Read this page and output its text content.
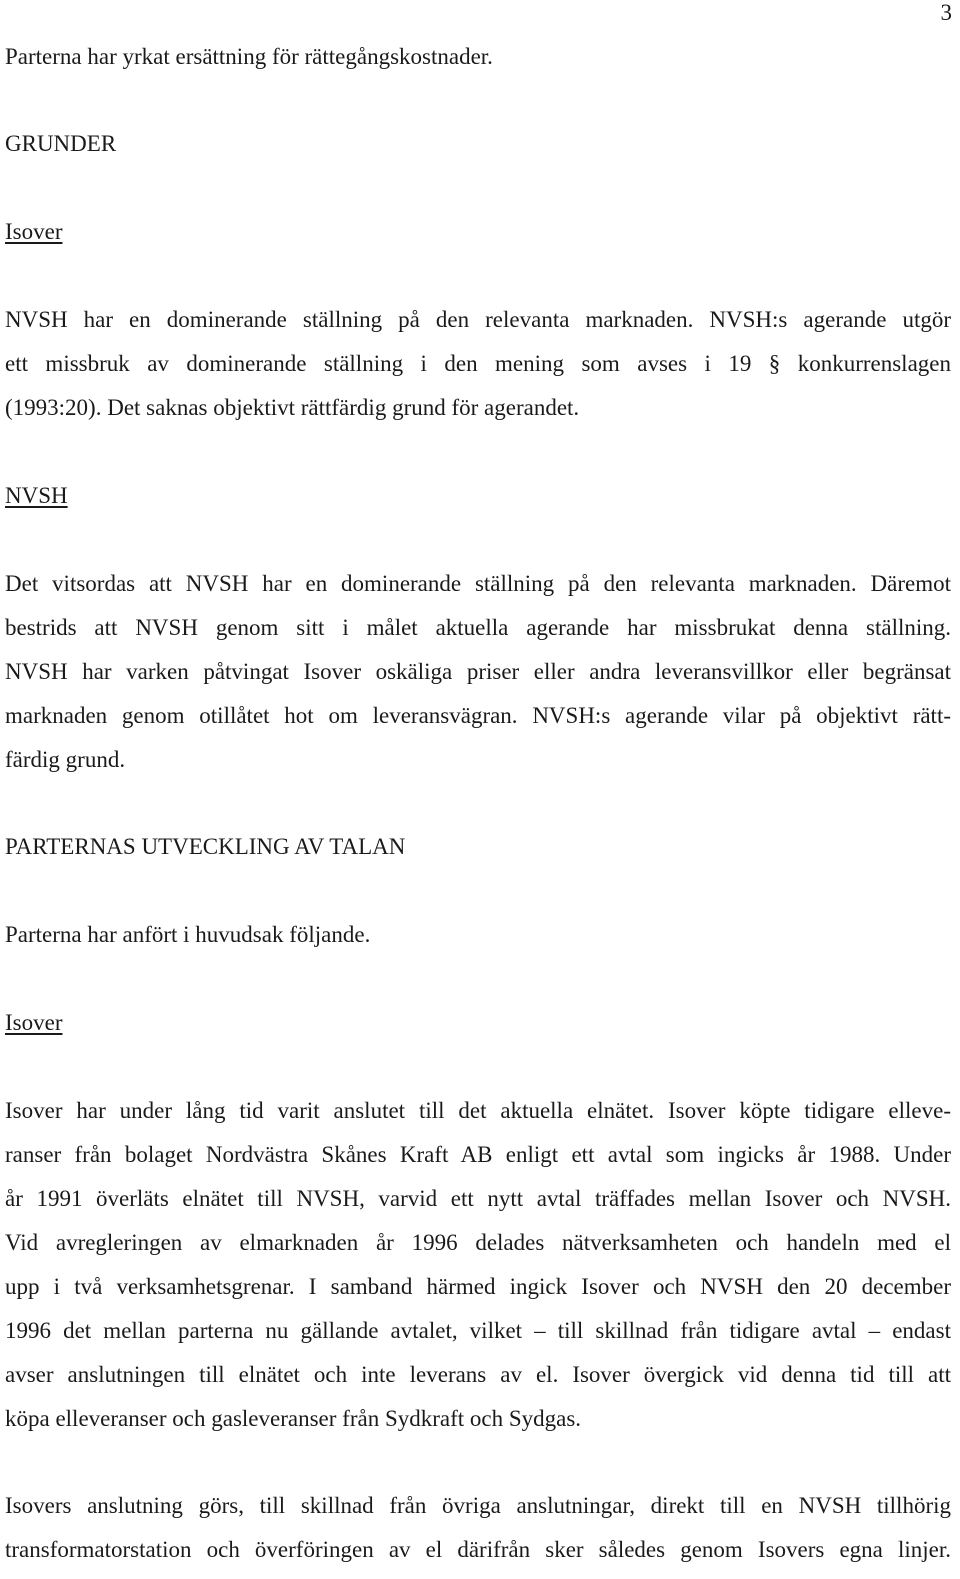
3

Parterna har yrkat ersättning för rättegångskostnader.

GRUNDER
Isover
NVSH har en dominerande ställning på den relevanta marknaden. NVSH:s agerande utgör
ett missbruk av dominerande ställning i den mening som avses i 19 § konkurrenslagen
(1993:20). Det saknas objektivt rättfärdig grund för agerandet.
NVSH
Det vitsordas att NVSH har en dominerande ställning på den relevanta marknaden. Däremot
bestrids att NVSH genom sitt i målet aktuella agerande har missbrukat denna ställning.
NVSH har varken påtvingat Isover oskäliga priser eller andra leveransvillkor eller begränsat
marknaden genom otillåtet hot om leveransvägran. NVSH:s agerande vilar på objektivt rätt-
färdig grund.
PARTERNAS UTVECKLING AV TALAN

Parterna har anfört i huvudsak följande.

Isover
Isover har under lång tid varit anslutet till det aktuella elnätet. Isover köpte tidigare elleve-
ranser från bolaget Nordvästra Skånes Kraft AB enligt ett avtal som ingicks år 1988. Under
år 1991 överläts elnätet till NVSH, varvid ett nytt avtal träffades mellan Isover och NVSH.
Vid avregleringen av elmarknaden år 1996 delades nätverksamheten och handeln med el
upp i två verksamhetsgrenar. I samband härmed ingick Isover och NVSH den 20 december
1996 det mellan parterna nu gällande avtalet, vilket – till skillnad från tidigare avtal – endast
avser anslutningen till elnätet och inte leverans av el. Isover övergick vid denna tid till att
köpa elleveranser och gasleveranser från Sydkraft och Sydgas.
Isovers anslutning görs, till skillnad från övriga anslutningar, direkt till en NVSH tillhörig
transformatorstation och överföringen av el därifrån sker således genom Isovers egna linjer.
